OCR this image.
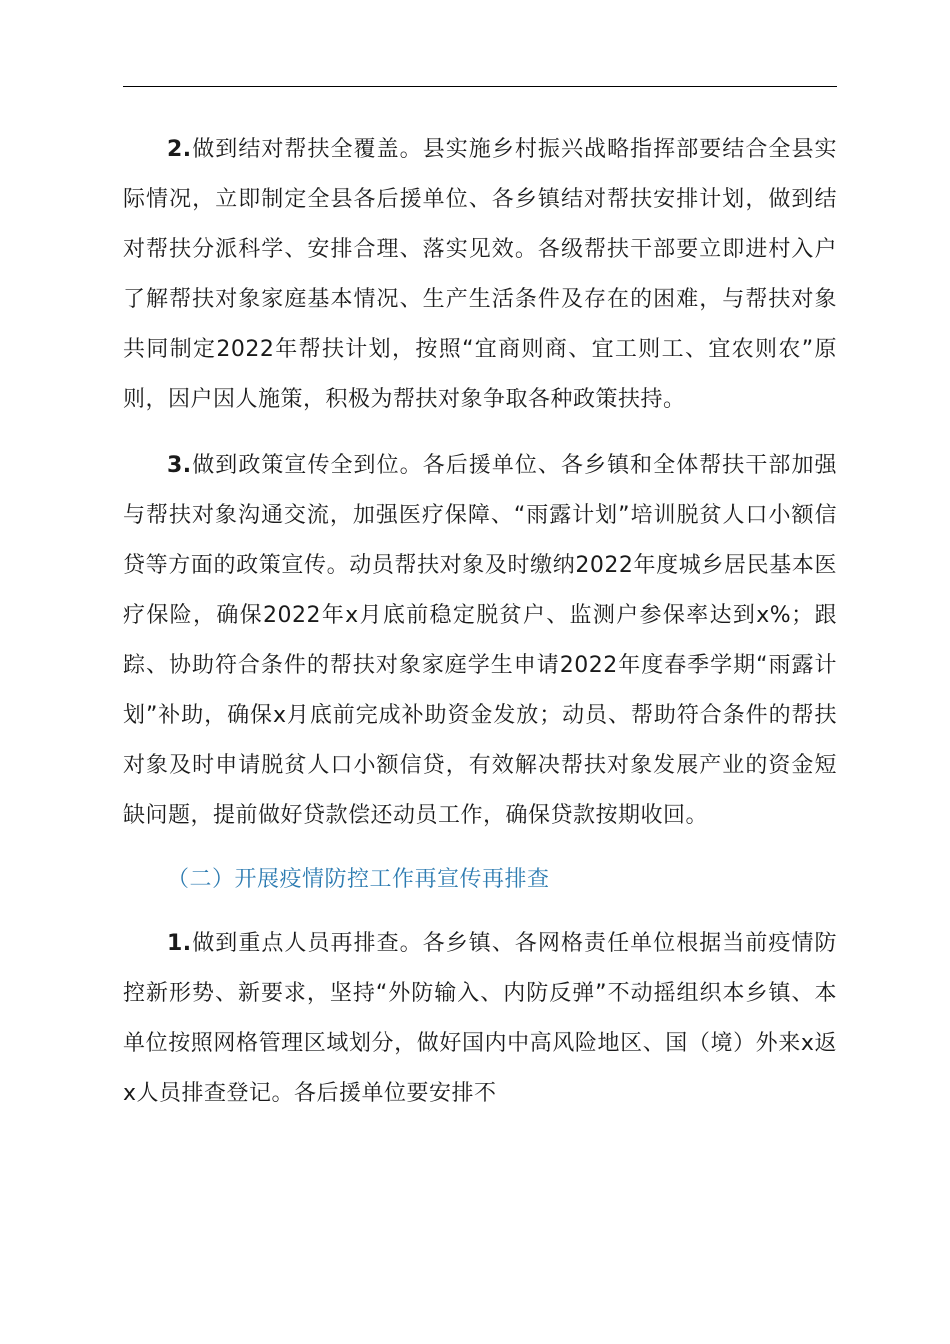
2.做到结对帮扶全覆盖。县实施乡村振兴战略指挥部要结合全县实际情况，立即制定全县各后援单位、各乡镇结对帮扶安排计划，做到结对帮扶分派科学、安排合理、落实见效。各级帮扶干部要立即进村入户了解帮扶对象家庭基本情况、生产生活条件及存在的困难，与帮扶对象共同制定2022年帮扶计划，按照“宜商则商、宜工则工、宜农则农”原则，因户因人施策，积极为帮扶对象争取各种政策扶持。

3.做到政策宣传全到位。各后援单位、各乡镇和全体帮扶干部加强与帮扶对象沟通交流，加强医疗保障、“雨露计划”培训脱贫人口小额信贷等方面的政策宣传。动员帮扶对象及时缴纳2022年度城乡居民基本医疗保险，确保2022年x月底前稳定脱贫户、监测户参保率达到x%；跟踪、协助符合条件的帮扶对象家庭学生申请2022年度春季学期“雨露计划”补助，确保x月底前完成补助资金发放；动员、帮助符合条件的帮扶对象及时申请脱贫人口小额信贷，有效解决帮扶对象发展产业的资金短缺问题，提前做好贷款偿还动员工作，确保贷款按期收回。

（二）开展疫情防控工作再宣传再排查

1.做到重点人员再排查。各乡镇、各网格责任单位根据当前疫情防控新形势、新要求，坚持“外防输入、内防反弹”不动摇组织本乡镇、本单位按照网格管理区域划分，做好国内中高风险地区、国（境）外来x返x人员排查登记。各后援单位要安排不
